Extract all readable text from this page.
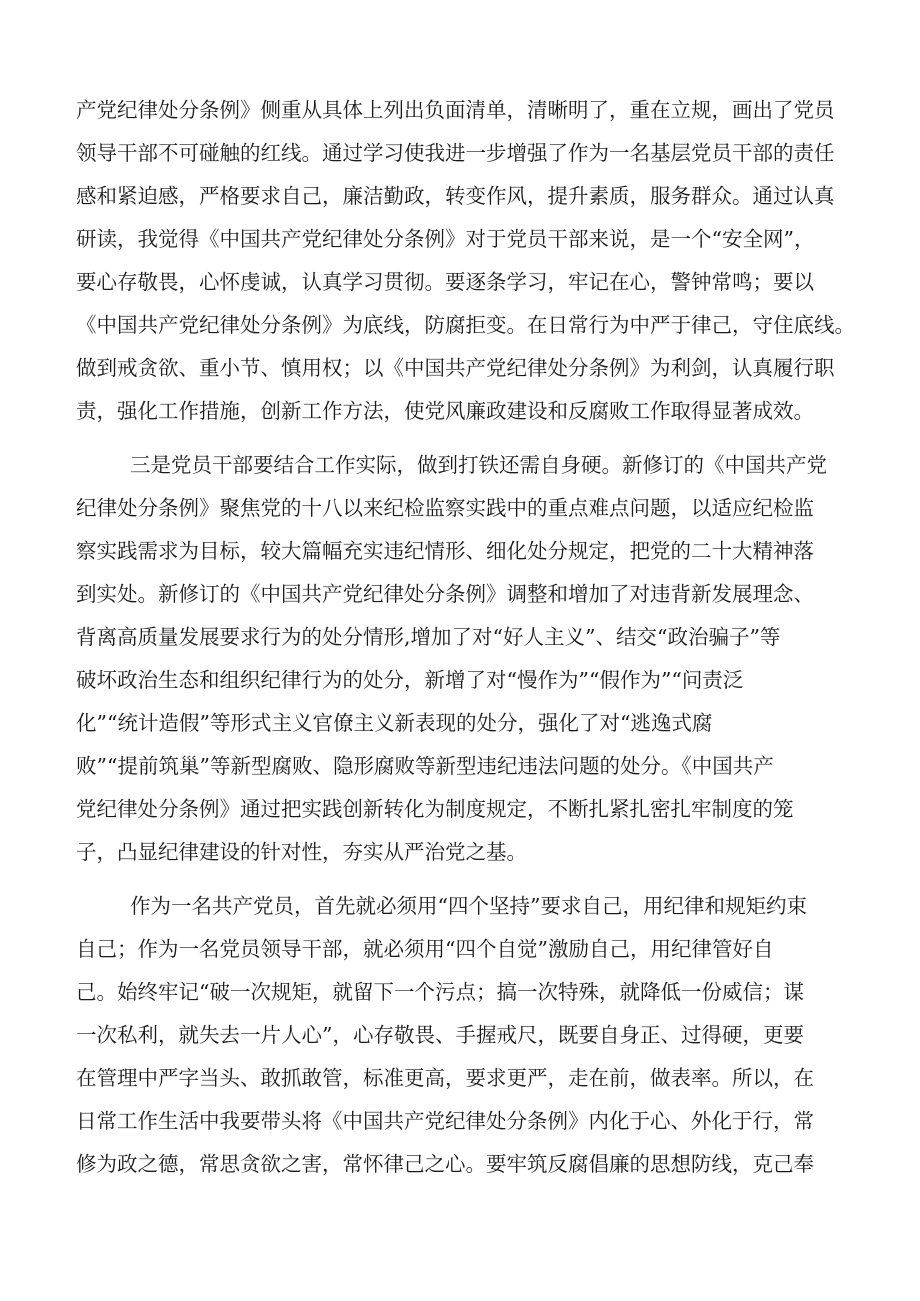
产党纪律处分条例》侧重从具体上列出负面清单，清晰明了，重在立规，画出了党员
领导干部不可碰触的红线。通过学习使我进一步增强了作为一名基层党员干部的责任
感和紧迫感，严格要求自己，廉洁勤政，转变作风，提升素质，服务群众。通过认真
研读，我觉得《中国共产党纪律处分条例》对于党员干部来说，是一个“安全网”，
要心存敬畏，心怀虔诚，认真学习贯彻。要逐条学习，牢记在心，警钟常鸣；要以
《中国共产党纪律处分条例》为底线，防腐拒变。在日常行为中严于律己，守住底线。
做到戒贪欲、重小节、慎用权；以《中国共产党纪律处分条例》为利剑，认真履行职
责，强化工作措施，创新工作方法，使党风廉政建设和反腐败工作取得显著成效。
三是党员干部要结合工作实际，做到打铁还需自身硬。新修订的《中国共产党
纪律处分条例》聚焦党的十八以来纪检监察实践中的重点难点问题，以适应纪检监
察实践需求为目标，较大篇幅充实违纪情形、细化处分规定，把党的二十大精神落
到实处。新修订的《中国共产党纪律处分条例》调整和增加了对违背新发展理念、
背离高质量发展要求行为的处分情形,增加了对“好人主义”、结交“政治骗子”等
破坏政治生态和组织纪律行为的处分，新增了对“慢作为”“假作为”“问责泛
化”“统计造假”等形式主义官僚主义新表现的处分，强化了对“逃逸式腐
败”“提前筑巢”等新型腐败、隐形腐败等新型违纪违法问题的处分。《中国共产
党纪律处分条例》通过把实践创新转化为制度规定，不断扎紧扎密扎牢制度的笼
子，凸显纪律建设的针对性，夯实从严治党之基。
作为一名共产党员，首先就必须用“四个坚持”要求自己，用纪律和规矩约束
自己；作为一名党员领导干部，就必须用“四个自觉”激励自己，用纪律管好自
己。始终牢记“破一次规矩，就留下一个污点；搞一次特殊，就降低一份威信；谋
一次私利，就失去一片人心”，心存敬畏、手握戒尺，既要自身正、过得硬，更要
在管理中严字当头、敢抓敢管，标准更高，要求更严，走在前，做表率。所以，在
日常工作生活中我要带头将《中国共产党纪律处分条例》内化于心、外化于行，常
修为政之德，常思贪欲之害，常怀律己之心。要牢筑反腐倡廉的思想防线，克己奉
